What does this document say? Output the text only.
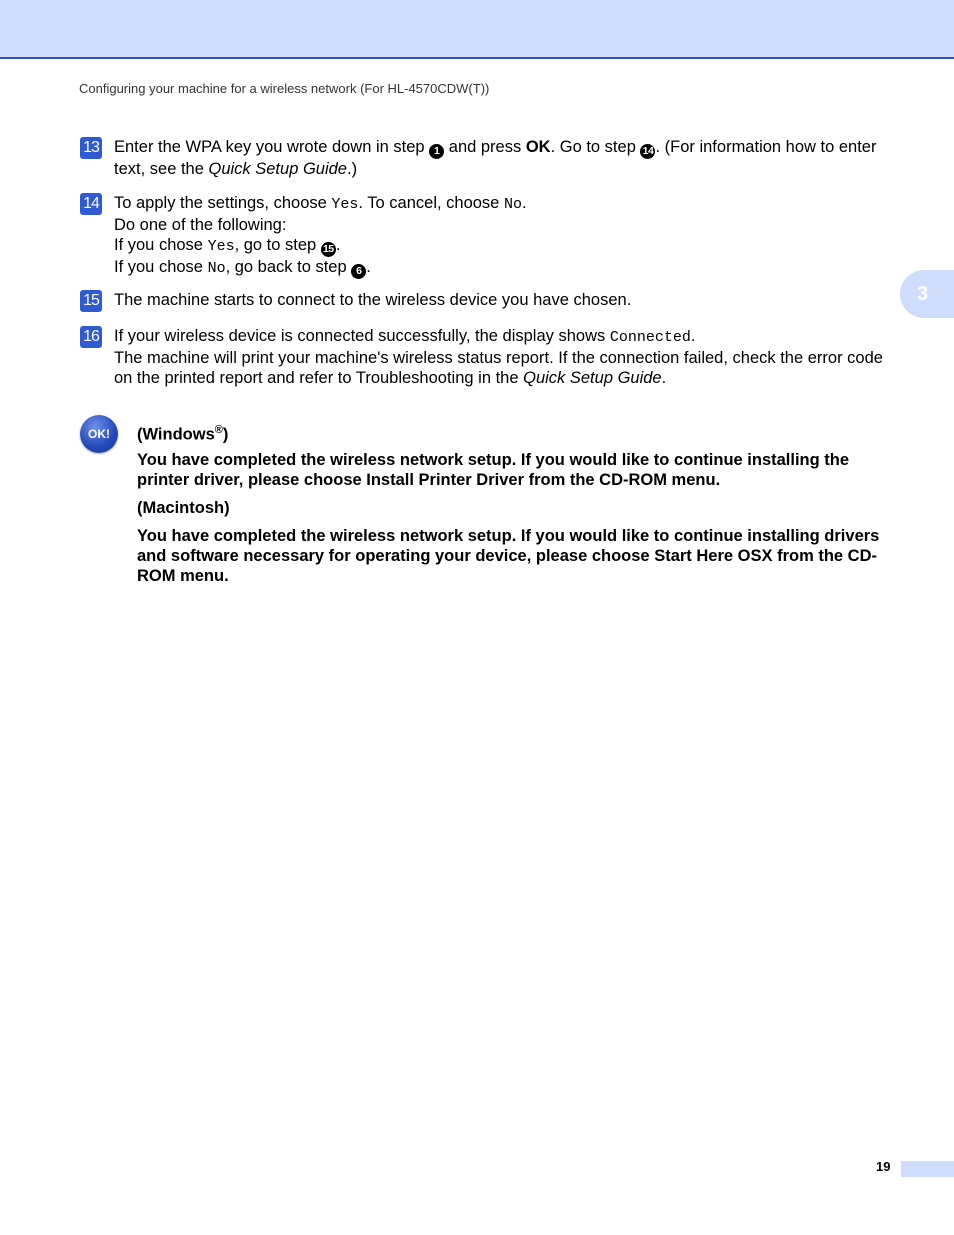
Configuring your machine for a wireless network (For HL-4570CDW(T))
3
13 Enter the WPA key you wrote down in step 1 and press OK. Go to step 14 . (For information how to enter text, see the Quick Setup Guide.)

14 To apply the settings, choose Yes. To cancel, choose No.

Do one of the following:

If you chose Yes, go to step 15 .

If you chose No, go back to step 6 .

15 The machine starts to connect to the wireless device you have chosen.

16 If your wireless device is connected successfully, the display shows Connected.

The machine will print your machine's wireless status report. If the connection failed, check the error code on the printed report and refer to Troubleshooting in the Quick Setup Guide.

OK!	(Windows®)

You have completed the wireless network setup. If you would like to continue installing the printer driver, please choose Install Printer Driver from the CD-ROM menu.

(Macintosh)

You have completed the wireless network setup. If you would like to continue installing drivers and software necessary for operating your device, please choose Start Here OSX from the CD-ROM menu.

19
